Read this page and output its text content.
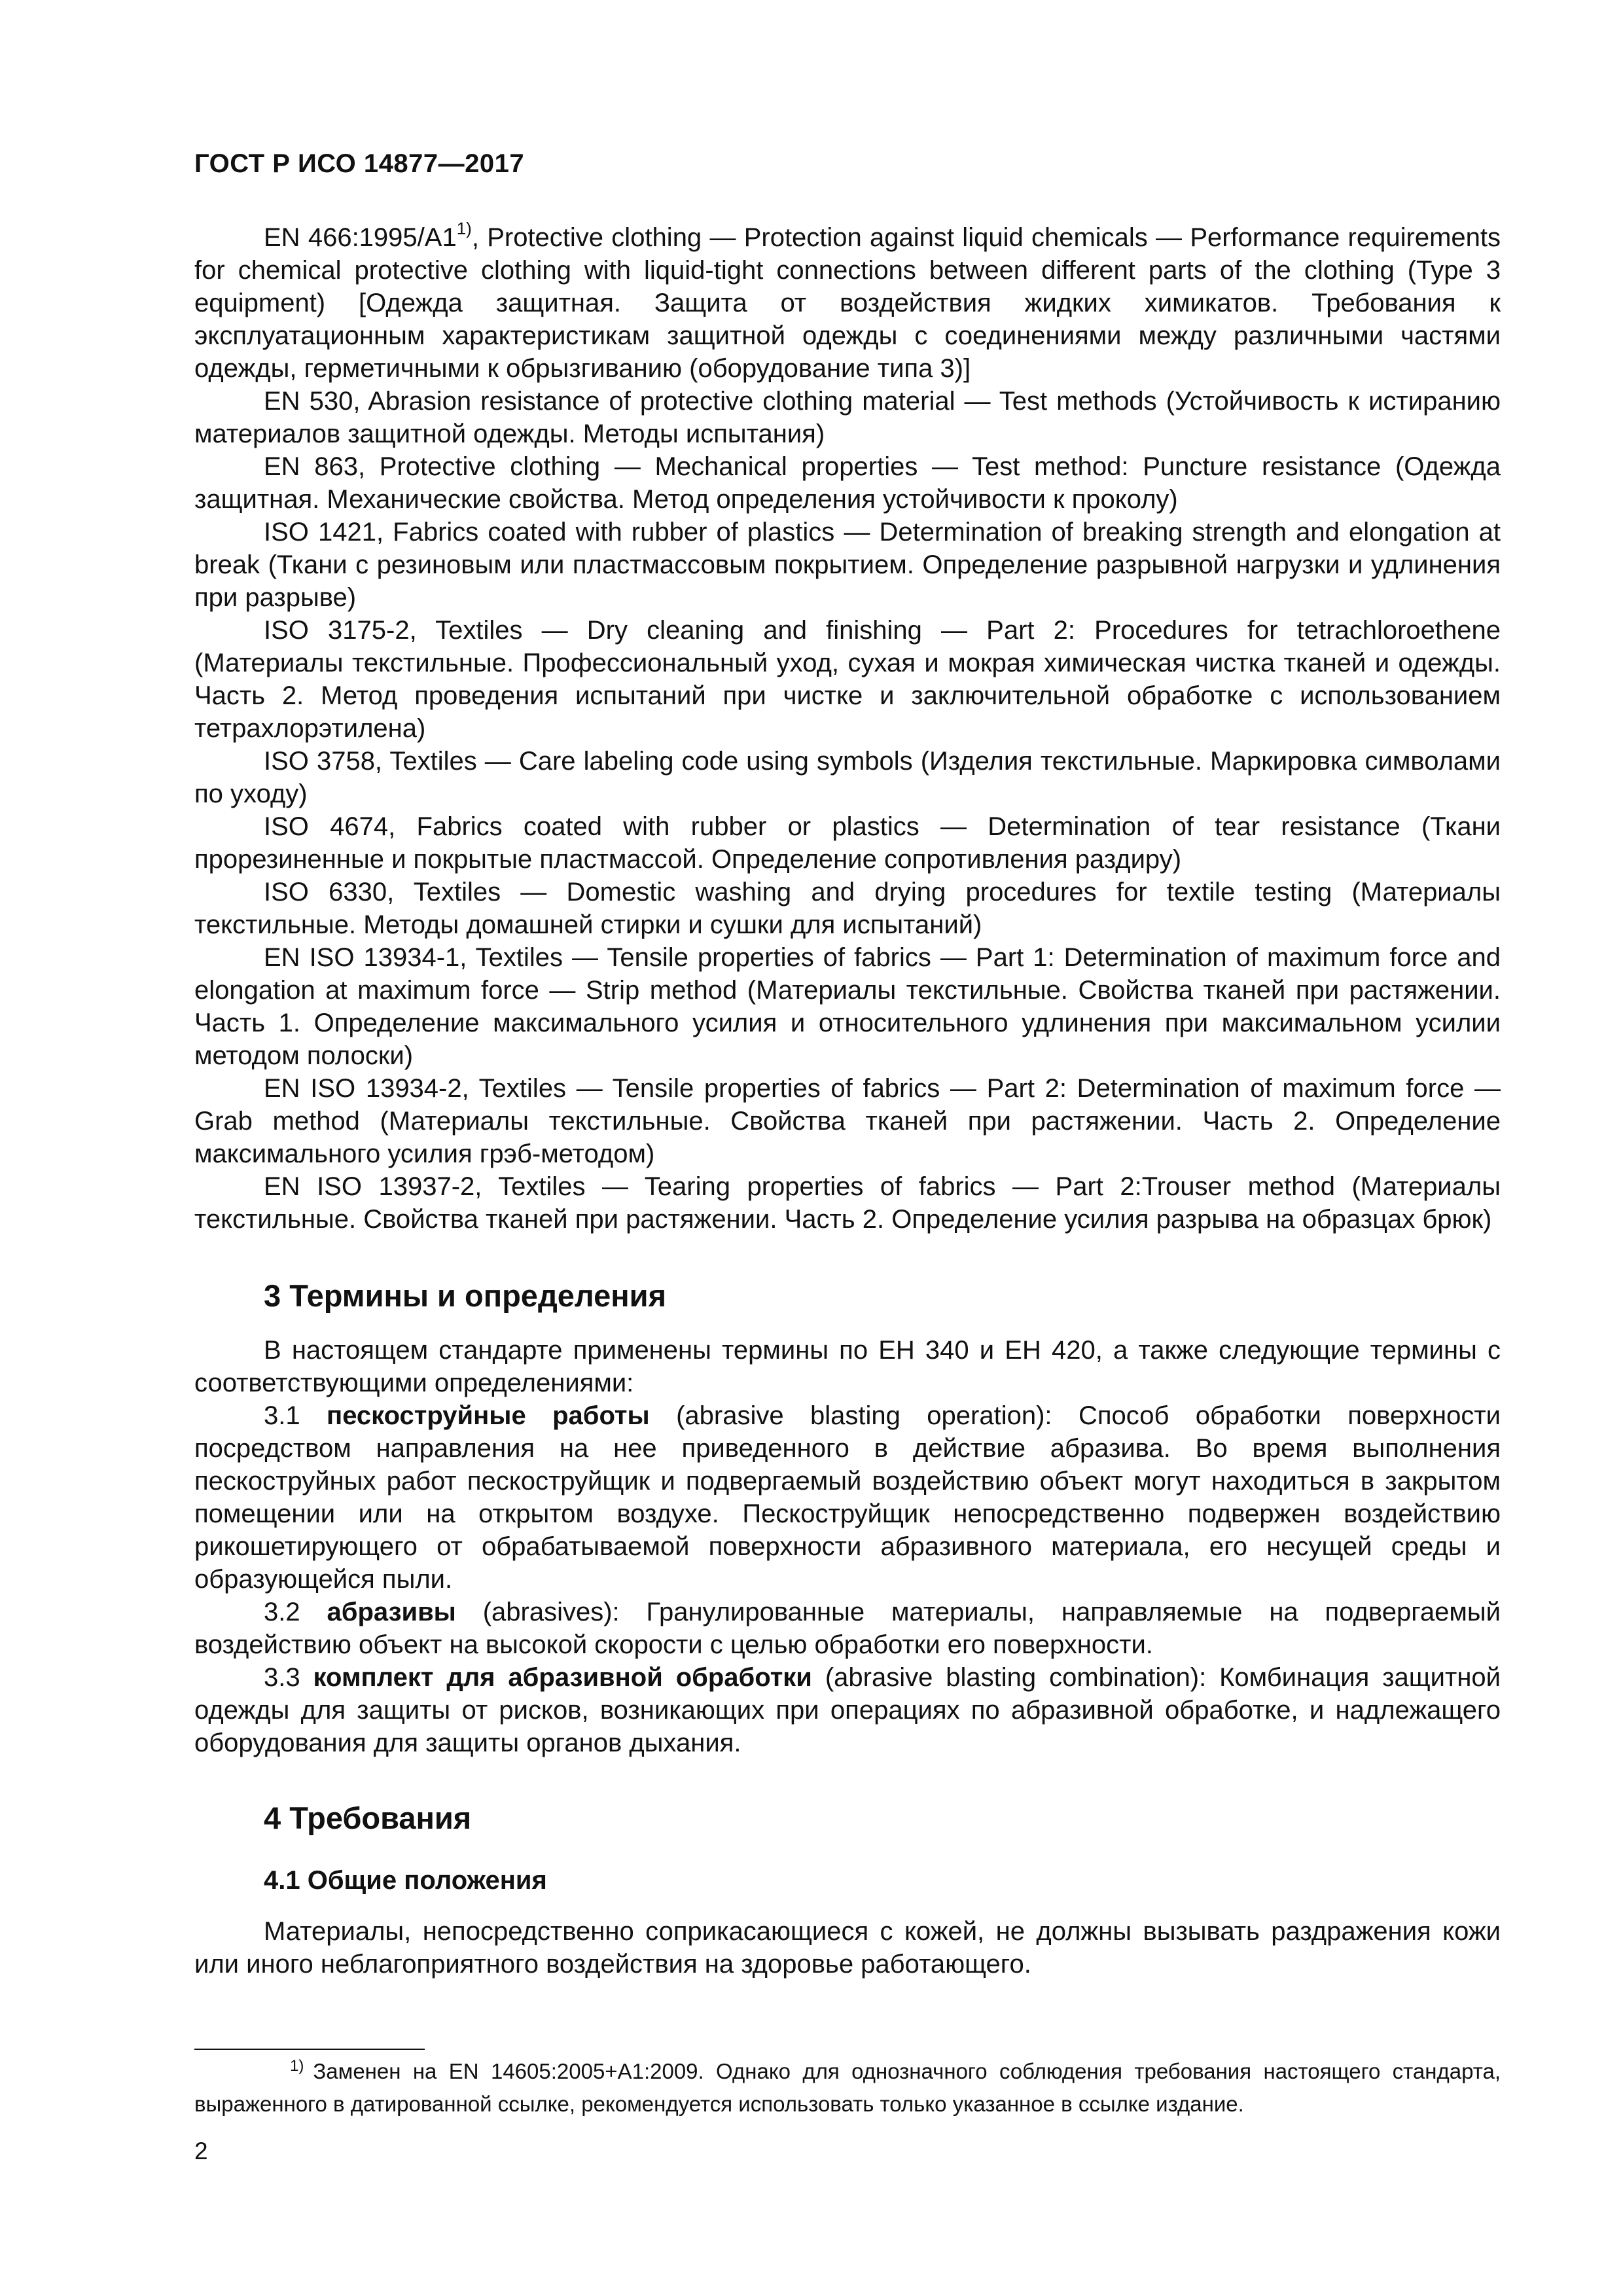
ГОСТ Р ИСО 14877—2017

EN 466:1995/A1$^{1)}$, Protective clothing — Protection against liquid chemicals — Performance requirements for chemical protective clothing with liquid-tight connections between different parts of the clothing (Type 3 equipment) [Одежда защитная. Защита от воздействия жидких химикатов. Требования к эксплуатационным характеристикам защитной одежды с соединениями между различными частями одежды, герметичными к обрызгиванию (оборудование типа 3)]

EN 530, Abrasion resistance of protective clothing material — Test methods (Устойчивость к истиранию материалов защитной одежды. Методы испытания)

EN 863, Protective clothing — Mechanical properties — Test method: Puncture resistance (Одежда защитная. Механические свойства. Метод определения устойчивости к проколу)

ISO 1421, Fabrics coated with rubber of plastics — Determination of breaking strength and elongation at break (Ткани с резиновым или пластмассовым покрытием. Определение разрывной нагрузки и удлинения при разрыве)

ISO 3175-2, Textiles — Dry cleaning and finishing — Part 2: Procedures for tetrachloroethene (Материалы текстильные. Профессиональный уход, сухая и мокрая химическая чистка тканей и одежды. Часть 2. Метод проведения испытаний при чистке и заключительной обработке с использованием тетрахлорэтилена)

ISO 3758, Textiles — Care labeling code using symbols (Изделия текстильные. Маркировка символами по уходу)

ISO 4674, Fabrics coated with rubber or plastics — Determination of tear resistance (Ткани прорезиненные и покрытые пластмассой. Определение сопротивления раздиру)

ISO 6330, Textiles — Domestic washing and drying procedures for textile testing (Материалы текстильные. Методы домашней стирки и сушки для испытаний)

EN ISO 13934-1, Textiles — Tensile properties of fabrics — Part 1: Determination of maximum force and elongation at maximum force — Strip method (Материалы текстильные. Свойства тканей при растяжении. Часть 1. Определение максимального усилия и относительного удлинения при максимальном усилии методом полоски)

EN ISO 13934-2, Textiles — Tensile properties of fabrics — Part 2: Determination of maximum force — Grab method (Материалы текстильные. Свойства тканей при растяжении. Часть 2. Определение максимального усилия грэб-методом)

EN ISO 13937-2, Textiles — Tearing properties of fabrics — Part 2:Trouser method (Материалы текстильные. Свойства тканей при растяжении. Часть 2. Определение усилия разрыва на образцах брюк)

3 Термины и определения

В настоящем стандарте применены термины по ЕН 340 и ЕН 420, а также следующие термины с соответствующими определениями:

3.1 пескоструйные работы (abrasive blasting operation): Способ обработки поверхности посредством направления на нее приведенного в действие абразива. Во время выполнения пескоструйных работ пескоструйщик и подвергаемый воздействию объект могут находиться в закрытом помещении или на открытом воздухе. Пескоструйщик непосредственно подвержен воздействию рикошетирующего от обрабатываемой поверхности абразивного материала, его несущей среды и образующейся пыли.

3.2 абразивы (abrasives): Гранулированные материалы, направляемые на подвергаемый воздействию объект на высокой скорости с целью обработки его поверхности.

3.3 комплект для абразивной обработки (abrasive blasting combination): Комбинация защитной одежды для защиты от рисков, возникающих при операциях по абразивной обработке, и надлежащего оборудования для защиты органов дыхания.

4 Требования
4.1 Общие положения

Материалы, непосредственно соприкасающиеся с кожей, не должны вызывать раздражения кожи или иного неблагоприятного воздействия на здоровье работающего.

$^{1)}$ Заменен на EN 14605:2005+A1:2009. Однако для однозначного соблюдения требования настоящего стандарта, выраженного в датированной ссылке, рекомендуется использовать только указанное в ссылке издание.

2
